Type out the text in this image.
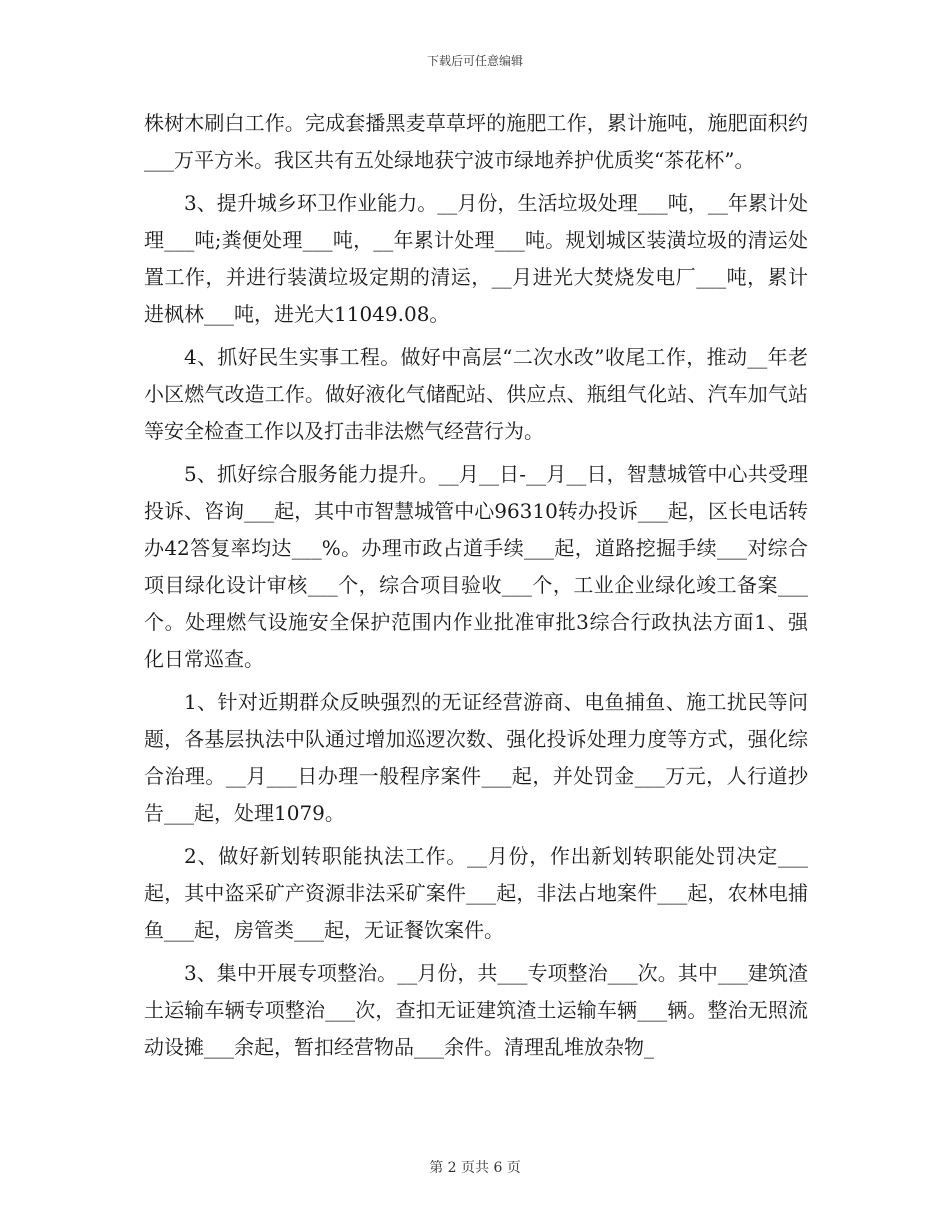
下载后可任意编辑

株树木刷白工作。完成套播黑麦草草坪的施肥工作，累计施吨，施肥面积约___万平方米。我区共有五处绿地获宁波市绿地养护优质奖“茶花杯”。

3、提升城乡环卫作业能力。__月份，生活垃圾处理___吨，__年累计处理___吨;粪便处理___吨，__年累计处理___吨。规划城区装潢垃圾的清运处置工作，并进行装潢垃圾定期的清运，__月进光大焚烧发电厂___吨，累计进枫林___吨，进光大11049.08。

4、抓好民生实事工程。做好中高层“二次水改”收尾工作，推动__年老小区燃气改造工作。做好液化气储配站、供应点、瓶组气化站、汽车加气站等安全检查工作以及打击非法燃气经营行为。

5、抓好综合服务能力提升。__月__日-__月__日，智慧城管中心共受理投诉、咨询___起，其中市智慧城管中心96310转办投诉___起，区长电话转办42答复率均达___%。办理市政占道手续___起，道路挖掘手续___对综合项目绿化设计审核___个，综合项目验收___个，工业企业绿化竣工备案___个。处理燃气设施安全保护范围内作业批准审批3综合行政执法方面1、强化日常巡查。

1、针对近期群众反映强烈的无证经营游商、电鱼捕鱼、施工扰民等问题，各基层执法中队通过增加巡逻次数、强化投诉处理力度等方式，强化综合治理。__月___日办理一般程序案件___起，并处罚金___万元，人行道抄告___起，处理1079。

2、做好新划转职能执法工作。__月份，作出新划转职能处罚决定___起，其中盗采矿产资源非法采矿案件___起，非法占地案件___起，农林电捕鱼___起，房管类___起，无证餐饮案件。

3、集中开展专项整治。__月份，共___专项整治___次。其中___建筑渣土运输车辆专项整治___次，查扣无证建筑渣土运输车辆___辆。整治无照流动设摊___余起，暂扣经营物品___余件。清理乱堆放杂物_

第 2 页共 6 页
